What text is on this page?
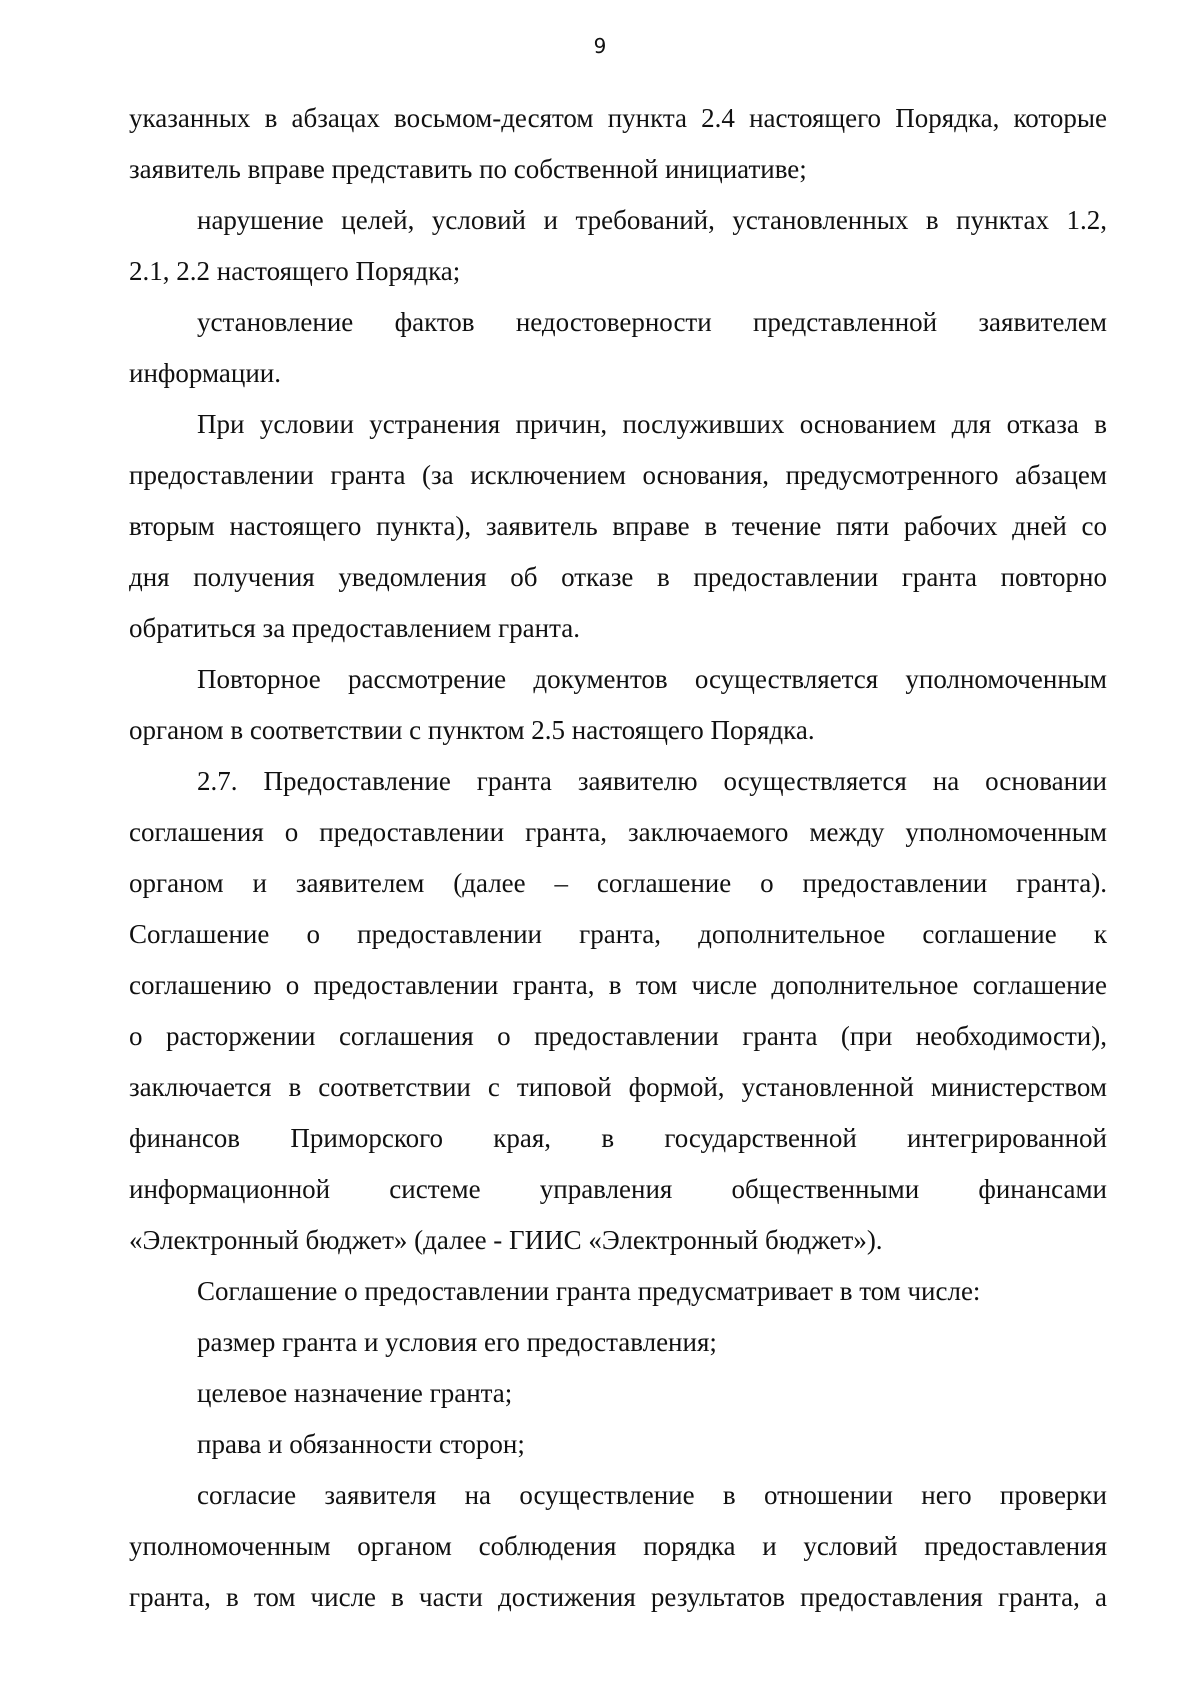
9
указанных в абзацах восьмом-десятом пункта 2.4 настоящего Порядка, которые
заявитель вправе представить по собственной инициативе;
нарушение целей, условий и требований, установленных в пунктах 1.2,
2.1, 2.2 настоящего Порядка;
установление фактов недостоверности представленной заявителем
информации.
При условии устранения причин, послуживших основанием для отказа в
предоставлении гранта (за исключением основания, предусмотренного абзацем
вторым настоящего пункта), заявитель вправе в течение пяти рабочих дней со
дня получения уведомления об отказе в предоставлении гранта повторно
обратиться за предоставлением гранта.
Повторное рассмотрение документов осуществляется уполномоченным
органом в соответствии с пунктом 2.5 настоящего Порядка.
2.7. Предоставление гранта заявителю осуществляется на основании
соглашения о предоставлении гранта, заключаемого между уполномоченным
органом и заявителем (далее – соглашение о предоставлении гранта).
Соглашение о предоставлении гранта, дополнительное соглашение к
соглашению о предоставлении гранта, в том числе дополнительное соглашение
о расторжении соглашения о предоставлении гранта (при необходимости),
заключается в соответствии с типовой формой, установленной министерством
финансов Приморского края, в государственной интегрированной
информационной системе управления общественными финансами
«Электронный бюджет» (далее - ГИИС «Электронный бюджет»).
Соглашение о предоставлении гранта предусматривает в том числе:
размер гранта и условия его предоставления;
целевое назначение гранта;
права и обязанности сторон;
согласие заявителя на осуществление в отношении него проверки
уполномоченным органом соблюдения порядка и условий предоставления
гранта, в том числе в части достижения результатов предоставления гранта, а
